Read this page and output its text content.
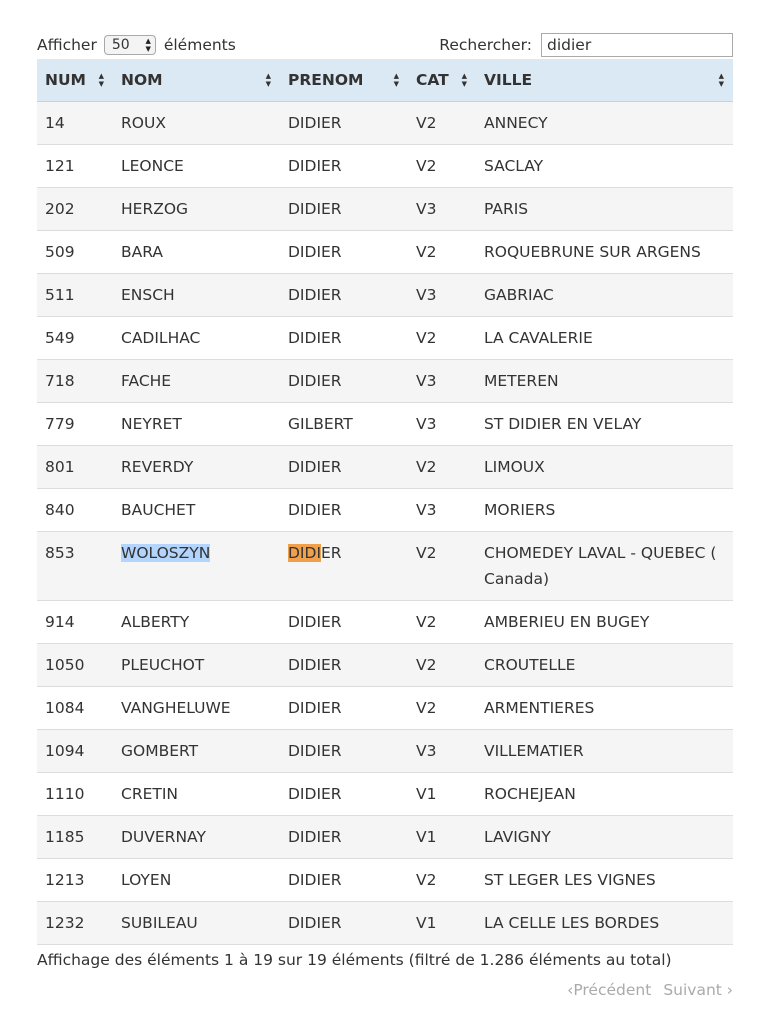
Afficher	50 ▲
▼ éléments	Rechercher:
didier
NUM ▲
▼	NOM ▲
▼	PRENOM ▲
▼	CAT ▲
▼	VILLE ▲
▼

14	ROUX	DIDIER	V2	ANNECY
121	LEONCE	DIDIER	V2	SACLAY
202	HERZOG	DIDIER	V3	PARIS
509	BARA	DIDIER	V2	ROQUEBRUNE SUR ARGENS
511	ENSCH	DIDIER	V3	GABRIAC
549	CADILHAC	DIDIER	V2	LA CAVALERIE
718	FACHE	DIDIER	V3	METEREN
779	NEYRET	GILBERT	V3	ST DIDIER EN VELAY
801	REVERDY	DIDIER	V2	LIMOUX
840	BAUCHET	DIDIER	V3	MORIERS
853	WOLOSZYN	DIDIER	V2	CHOMEDEY LAVAL - QUEBEC (
Canada)

914	ALBERTY	DIDIER	V2	AMBERIEU EN BUGEY
1050	PLEUCHOT	DIDIER	V2	CROUTELLE
1084	VANGHELUWE	DIDIER	V2	ARMENTIERES
1094	GOMBERT	DIDIER	V3	VILLEMATIER
1110	CRETIN	DIDIER	V1	ROCHEJEAN
1185	DUVERNAY	DIDIER	V1	LAVIGNY
1213	LOYEN	DIDIER	V2	ST LEGER LES VIGNES
1232	SUBILEAU	DIDIER	V1	LA CELLE LES BORDES
Affichage des éléments 1 à 19 sur 19 éléments (filtré de 1.286 éléments au total)
‹ Précédent Suivant ›
